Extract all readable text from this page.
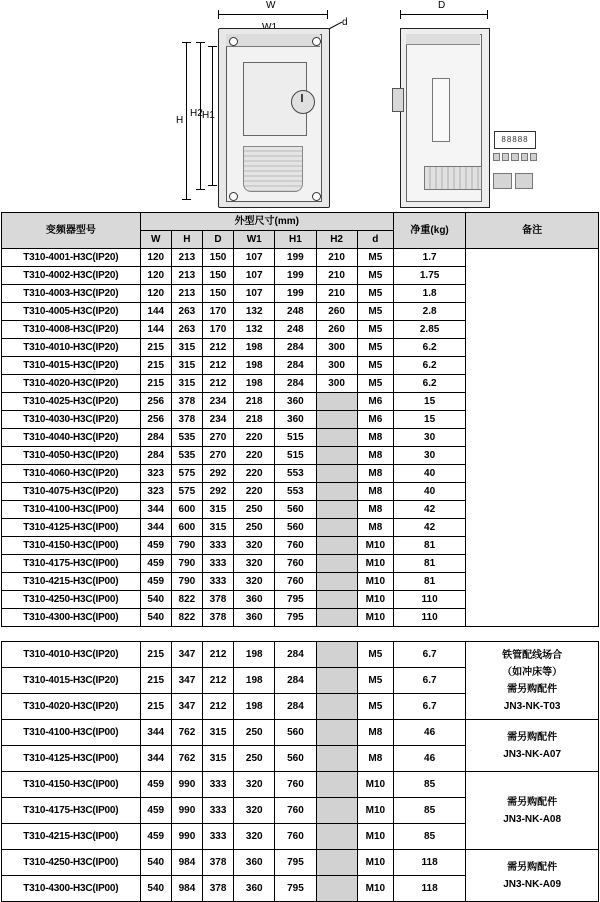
W	D
d
H
H2 H1
88888
变频器型号	外型尺寸(mm)							净重(kg)	备注
	W	H	D	W1	H1	H2	d		
T310-4001-H3C(IP20)	120	213	150	107	199	210	M5	1.7	
T310-4002-H3C(IP20)	120	213	150	107	199	210	M5	1.75	
T310-4003-H3C(IP20)	120	213	150	107	199	210	M5	1.8	
T310-4005-H3C(IP20)	144	263	170	132	248	260	M5	2.8	
T310-4008-H3C(IP20)	144	263	170	132	248	260	M5	2.85	
T310-4010-H3C(IP20)	215	315	212	198	284	300	M5	6.2	
T310-4015-H3C(IP20)	215	315	212	198	284	300	M5	6.2	
T310-4020-H3C(IP20)	215	315	212	198	284	300	M5	6.2	
T310-4025-H3C(IP20)	256	378	234	218	360		M6	15	
T310-4030-H3C(IP20)	256	378	234	218	360		M6	15	
T310-4040-H3C(IP20)	284	535	270	220	515		M8	30	
T310-4050-H3C(IP20)	284	535	270	220	515		M8	30	
T310-4060-H3C(IP20)	323	575	292	220	553		M8	40	
T310-4075-H3C(IP20)	323	575	292	220	553		M8	40	
T310-4100-H3C(IP00)	344	600	315	250	560		M8	42	
T310-4125-H3C(IP00)	344	600	315	250	560		M8	42	
T310-4150-H3C(IP00)	459	790	333	320	760		M10	81	
T310-4175-H3C(IP00)	459	790	333	320	760		M10	81	
T310-4215-H3C(IP00)	459	790	333	320	760		M10	81	
T310-4250-H3C(IP00)	540	822	378	360	795		M10	110	
T310-4300-H3C(IP00)	540	822	378	360	795		M10	110	
T310-4010-H3C(IP20)	215	347	212	198	284		M5	6.7	铁管配线场合
（如冲床等）
需另购配件
JN3-NK-T03

T310-4015-H3C(IP20)	215	347	212	198	284		M5	6.7	
T310-4020-H3C(IP20)	215	347	212	198	284		M5	6.7	
T310-4100-H3C(IP00)	344	762	315	250	560		M8	46	需另购配件
JN3-NK-A07

T310-4125-H3C(IP00)	344	762	315	250	560		M8	46	
T310-4150-H3C(IP00)	459	990	333	320	760		M10	85	需另购配件
JN3-NK-A08

T310-4175-H3C(IP00)	459	990	333	320	760		M10	85	
T310-4215-H3C(IP00)	459	990	333	320	760		M10	85	
T310-4250-H3C(IP00)	540	984	378	360	795		M10	118	需另购配件
JN3-NK-A09

T310-4300-H3C(IP00)	540	984	378	360	795		M10	118	
